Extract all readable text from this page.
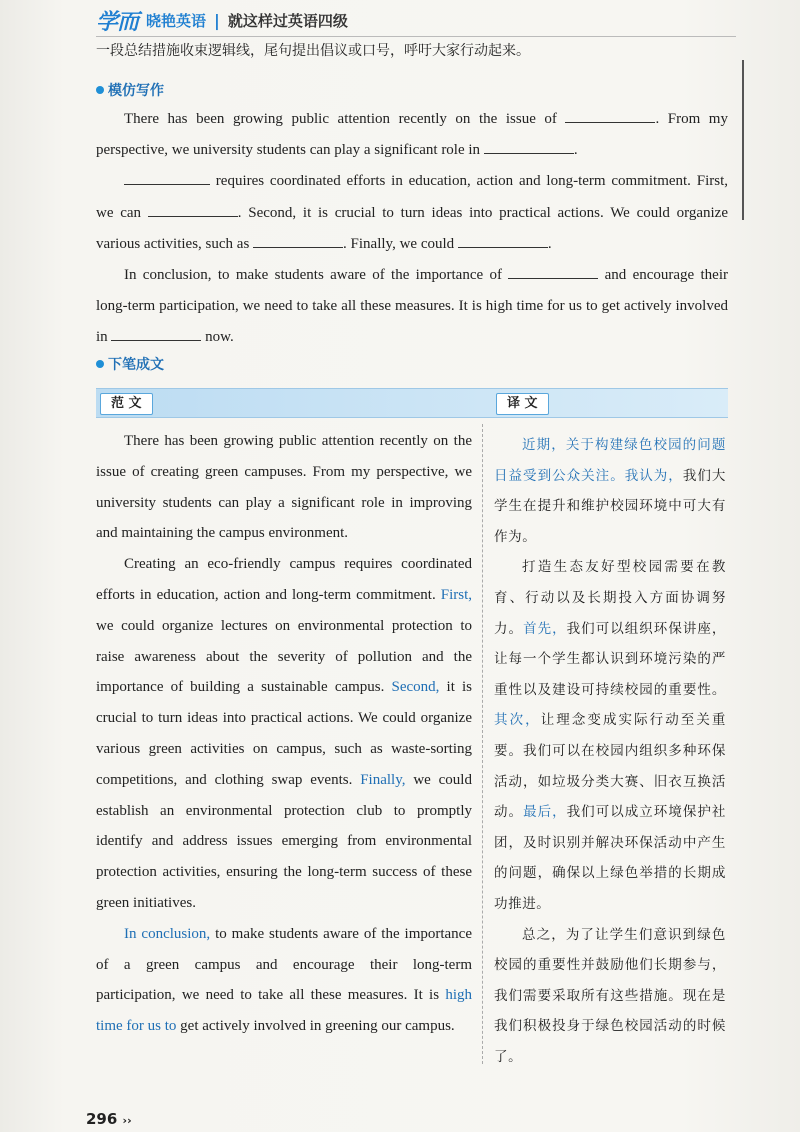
学而 晓艳英语 | 就这样过英语四级
一段总结措施收束逻辑线，尾句提出倡议或口号，呼吁大家行动起来。
模仿写作

There has been growing public attention recently on the issue of	. From my perspective, we university students can play a significant role in	.

requires coordinated efforts in education, action and long-term commitment. First, we can	. Second, it is crucial to turn ideas into practical actions. We could organize various activities, such as	. Finally, we could	.

In conclusion, to make students aware of the importance of	and encourage their long-term participation, we need to take all these measures. It is high time for us to get actively involved in	now.

下笔成文
范 文	译 文

There has been growing public attention recently on the issue of creating green campuses. From my perspective, we university students can play a significant role in improving and maintaining the campus environment.

Creating an eco-friendly campus requires coordinated efforts in education, action and long-term commitment. First, we could organize lectures on environmental protection to raise awareness about the severity of pollution and the importance of building a sustainable campus. Second, it is crucial to turn ideas into practical actions. We could organize various green activities on campus, such as waste-sorting competitions, and clothing swap events. Finally, we could establish an environmental protection club to promptly identify and address issues emerging from environmental protection activities, ensuring the long-term success of these green initiatives.

In conclusion, to make students aware of the importance of a green campus and encourage their long-term participation, we need to take all these measures. It is high time for us to get actively involved in greening our campus.

近期，关于构建绿色校园的问题日益受到公众关注。我认为，我们大学生在提升和维护校园环境中可大有作为。

打造生态友好型校园需要在教育、行动以及长期投入方面协调努力。首先，我们可以组织环保讲座，让每一个学生都认识到环境污染的严重性以及建设可持续校园的重要性。其次，让理念变成实际行动至关重要。我们可以在校园内组织多种环保活动，如垃圾分类大赛、旧衣互换活动。最后，我们可以成立环境保护社团，及时识别并解决环保活动中产生的问题，确保以上绿色举措的长期成功推进。

总之，为了让学生们意识到绿色校园的重要性并鼓励他们长期参与，我们需要采取所有这些措施。现在是我们积极投身于绿色校园活动的时候了。

296 ››
